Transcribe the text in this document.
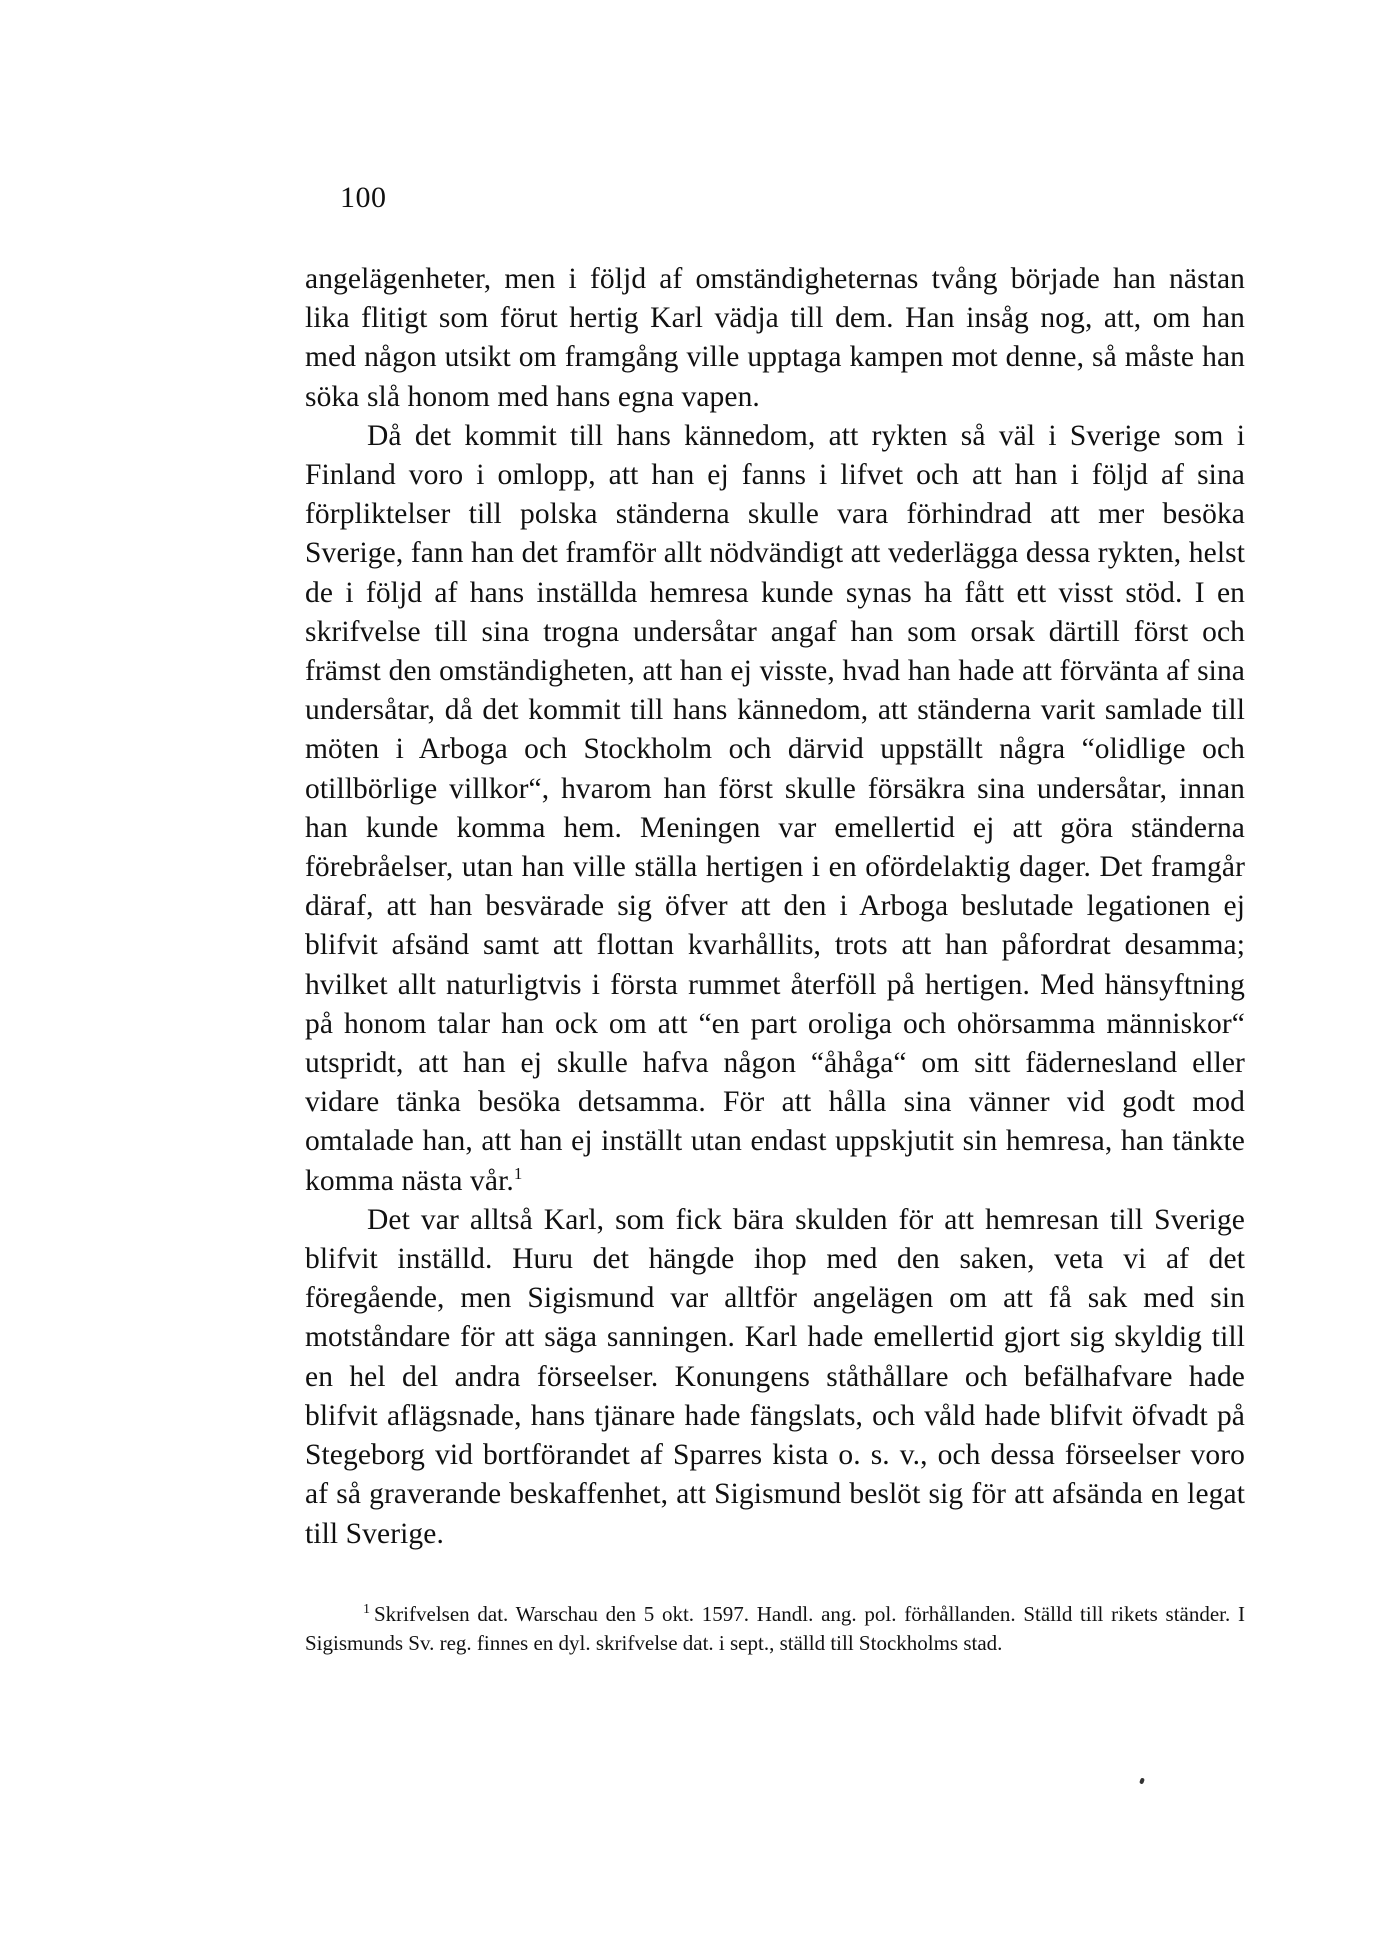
100

angelägenheter, men i följd af omständigheternas tvång började han nästan lika flitigt som förut hertig Karl vädja till dem. Han insåg nog, att, om han med någon utsikt om framgång ville upptaga kampen mot denne, så måste han söka slå honom med hans egna vapen.

Då det kommit till hans kännedom, att rykten så väl i Sverige som i Finland voro i omlopp, att han ej fanns i lifvet och att han i följd af sina förpliktelser till polska ständerna skulle vara förhindrad att mer besöka Sverige, fann han det framför allt nödvändigt att vederlägga dessa rykten, helst de i följd af hans inställda hemresa kunde synas ha fått ett visst stöd. I en skrifvelse till sina trogna undersåtar angaf han som orsak därtill först och främst den omständigheten, att han ej visste, hvad han hade att förvänta af sina undersåtar, då det kommit till hans kännedom, att ständerna varit samlade till möten i Arboga och Stockholm och därvid uppställt några “olidlige och otillbörlige villkor“, hvarom han först skulle försäkra sina undersåtar, innan han kunde komma hem. Meningen var emellertid ej att göra ständerna förebråelser, utan han ville ställa hertigen i en ofördelaktig dager. Det framgår däraf, att han besvärade sig öfver att den i Arboga beslutade legationen ej blifvit afsänd samt att flottan kvarhållits, trots att han påfordrat desamma; hvilket allt naturligtvis i första rummet återföll på hertigen. Med hänsyftning på honom talar han ock om att “en part oroliga och ohörsamma människor“ utspridt, att han ej skulle hafva någon “åhåga“ om sitt fädernesland eller vidare tänka besöka detsamma. För att hålla sina vänner vid godt mod omtalade han, att han ej inställt utan endast uppskjutit sin hemresa, han tänkte komma nästa vår.$^1$

Det var alltså Karl, som fick bära skulden för att hemresan till Sverige blifvit inställd. Huru det hängde ihop med den saken, veta vi af det föregående, men Sigismund var alltför angelägen om att få sak med sin motståndare för att säga sanningen. Karl hade emellertid gjort sig skyldig till en hel del andra förseelser. Konungens ståthållare och befälhafvare hade blifvit aflägsnade, hans tjänare hade fängslats, och våld hade blifvit öfvadt på Stegeborg vid bortförandet af Sparres kista o. s. v., och dessa förseelser voro af så graverande beskaffenhet, att Sigismund beslöt sig för att afsända en legat till Sverige.

$^1$ Skrifvelsen dat. Warschau den 5 okt. 1597. Handl. ang. pol. förhållanden. Ställd till rikets ständer. I Sigismunds Sv. reg. finnes en dyl. skrifvelse dat. i sept., ställd till Stockholms stad.
